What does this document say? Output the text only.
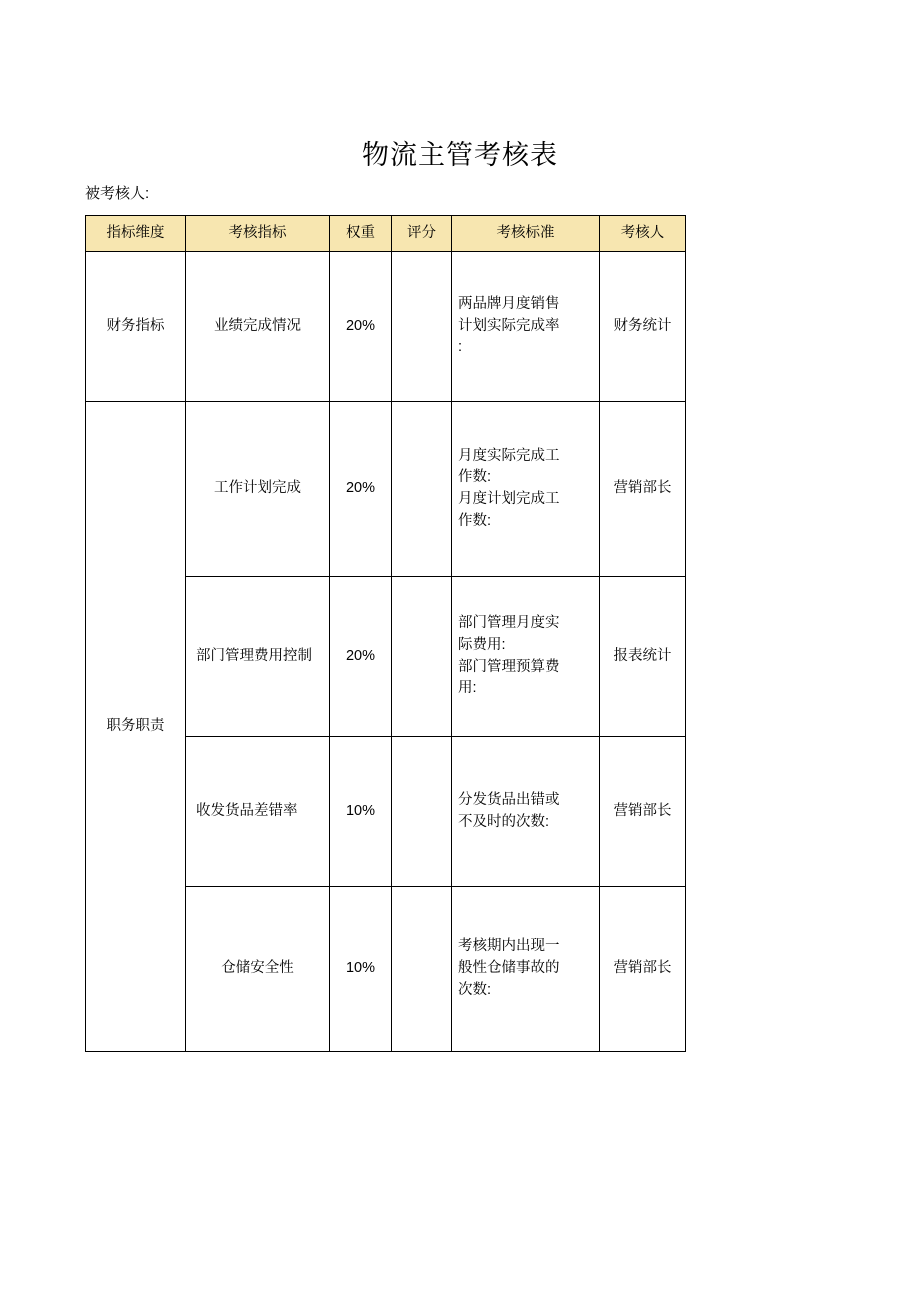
物流主管考核表
被考核人:
指标维度	考核指标	权重	评分	考核标准	考核人
财务指标	业绩完成情况	20%		两品牌月度销售
计划实际完成率
:	财务统计
职务职责	工作计划完成	20%		月度实际完成工
作数:
月度计划完成工
作数:	营销部长
	部门管理费用控制	20%		部门管理月度实
际费用:
部门管理预算费
用:	报表统计
	收发货品差错率	10%		分发货品出错或
不及时的次数:	营销部长
	仓储安全性	10%		考核期内出现一
般性仓储事故的
次数:	营销部长
